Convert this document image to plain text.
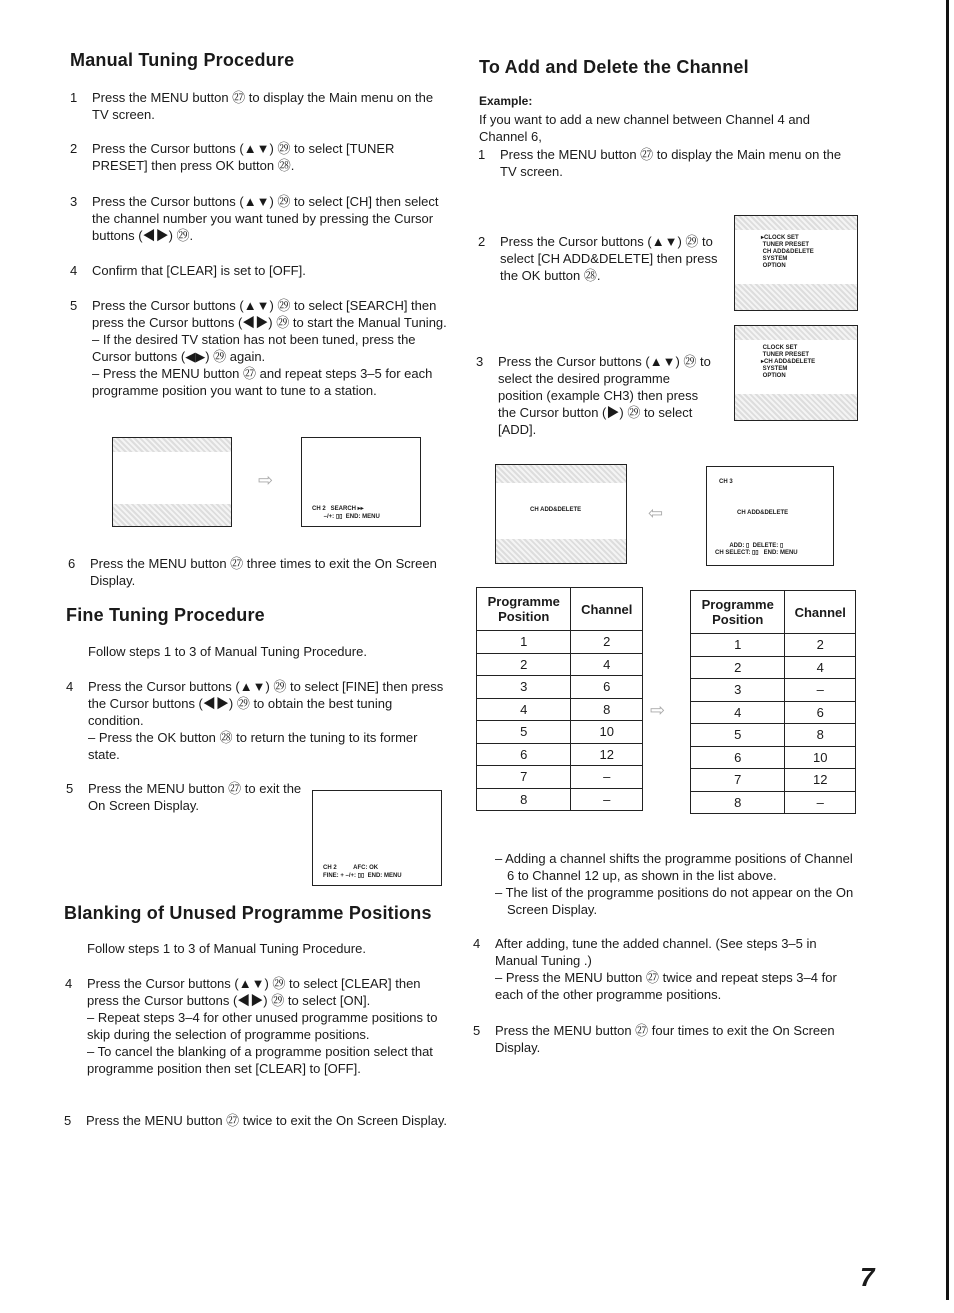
Manual Tuning Procedure
1 Press the MENU button ㉗ to display the Main menu on the TV screen.
2 Press the Cursor buttons (▲▼) ㉙ to select [TUNER PRESET] then press OK button ㉘.
3 Press the Cursor buttons (▲▼) ㉙ to select [CH] then select the channel number you want tuned by pressing the Cursor buttons (◀▶) ㉙.
4 Confirm that [CLEAR] is set to [OFF].
5 Press the Cursor buttons (▲▼) ㉙ to select [SEARCH] then press the Cursor buttons (◀▶) ㉙ to start the Manual Tuning.
– If the desired TV station has not been tuned, press the Cursor buttons (◀▶) ㉙ again.
– Press the MENU button ㉗ and repeat steps 3–5 for each programme position you want to tune to a station.
⇨
CH 2   SEARCH ▸▸
–/+: ▯▯  END: MENU
6 Press the MENU button ㉗ three times to exit the On Screen Display.
Fine Tuning Procedure
Follow steps 1 to 3 of Manual Tuning Procedure.
4 Press the Cursor buttons (▲▼) ㉙ to select [FINE] then press the Cursor buttons (◀▶) ㉙ to obtain the best tuning condition.
– Press the OK button ㉘ to return the tuning to its former state.
5 Press the MENU button ㉗ to exit the On Screen Display.
CH 2          AFC: OK
FINE: + –/+: ▯▯  END: MENU
Blanking of Unused Programme Positions
Follow steps 1 to 3 of Manual Tuning Procedure.
4 Press the Cursor buttons (▲▼) ㉙ to select [CLEAR] then press the Cursor buttons (◀▶) ㉙ to select [ON].
– Repeat steps 3–4 for other unused programme positions to skip during the selection of programme positions.
– To cancel the blanking of a programme position select that programme position then set [CLEAR] to [OFF].
5 Press the MENU button ㉗ twice to exit the On Screen Display.
To Add and Delete the Channel
Example:
If you want to add a new channel between Channel 4 and Channel 6,
1 Press the MENU button ㉗ to display the Main menu on the TV screen.
2 Press the Cursor buttons (▲▼) ㉙ to select [CH ADD&DELETE] then press the OK button ㉘.
▸CLOCK SET
TUNER PRESET
CH ADD&DELETE
SYSTEM
OPTION
3 Press the Cursor buttons (▲▼) ㉙ to select the desired programme position (example CH3) then press the Cursor button (▶) ㉙ to select [ADD].
CLOCK SET
TUNER PRESET
▸CH ADD&DELETE
SYSTEM
OPTION
CH ADD&DELETE	⇦
CH 3
CH ADD&DELETE
ADD: ▯  DELETE: ▯
CH SELECT: ▯▯   END: MENU
Programme Position	Channel
1	2
2	4
3	6
4	8
5	10
6	12
7	–
8	–
⇨
Programme Position	Channel
1	2
2	4
3	–
4	6
5	8
6	10
7	12
8	–
– Adding a channel shifts the programme positions of Channel 6 to Channel 12 up, as shown in the list above.
– The list of the programme positions do not appear on the On Screen Display.
4 After adding, tune the added channel. (See steps 3–5 in Manual Tuning .)
– Press the MENU button ㉗ twice and repeat steps 3–4 for each of the other programme positions.
5 Press the MENU button ㉗ four times to exit the On Screen Display.
7
